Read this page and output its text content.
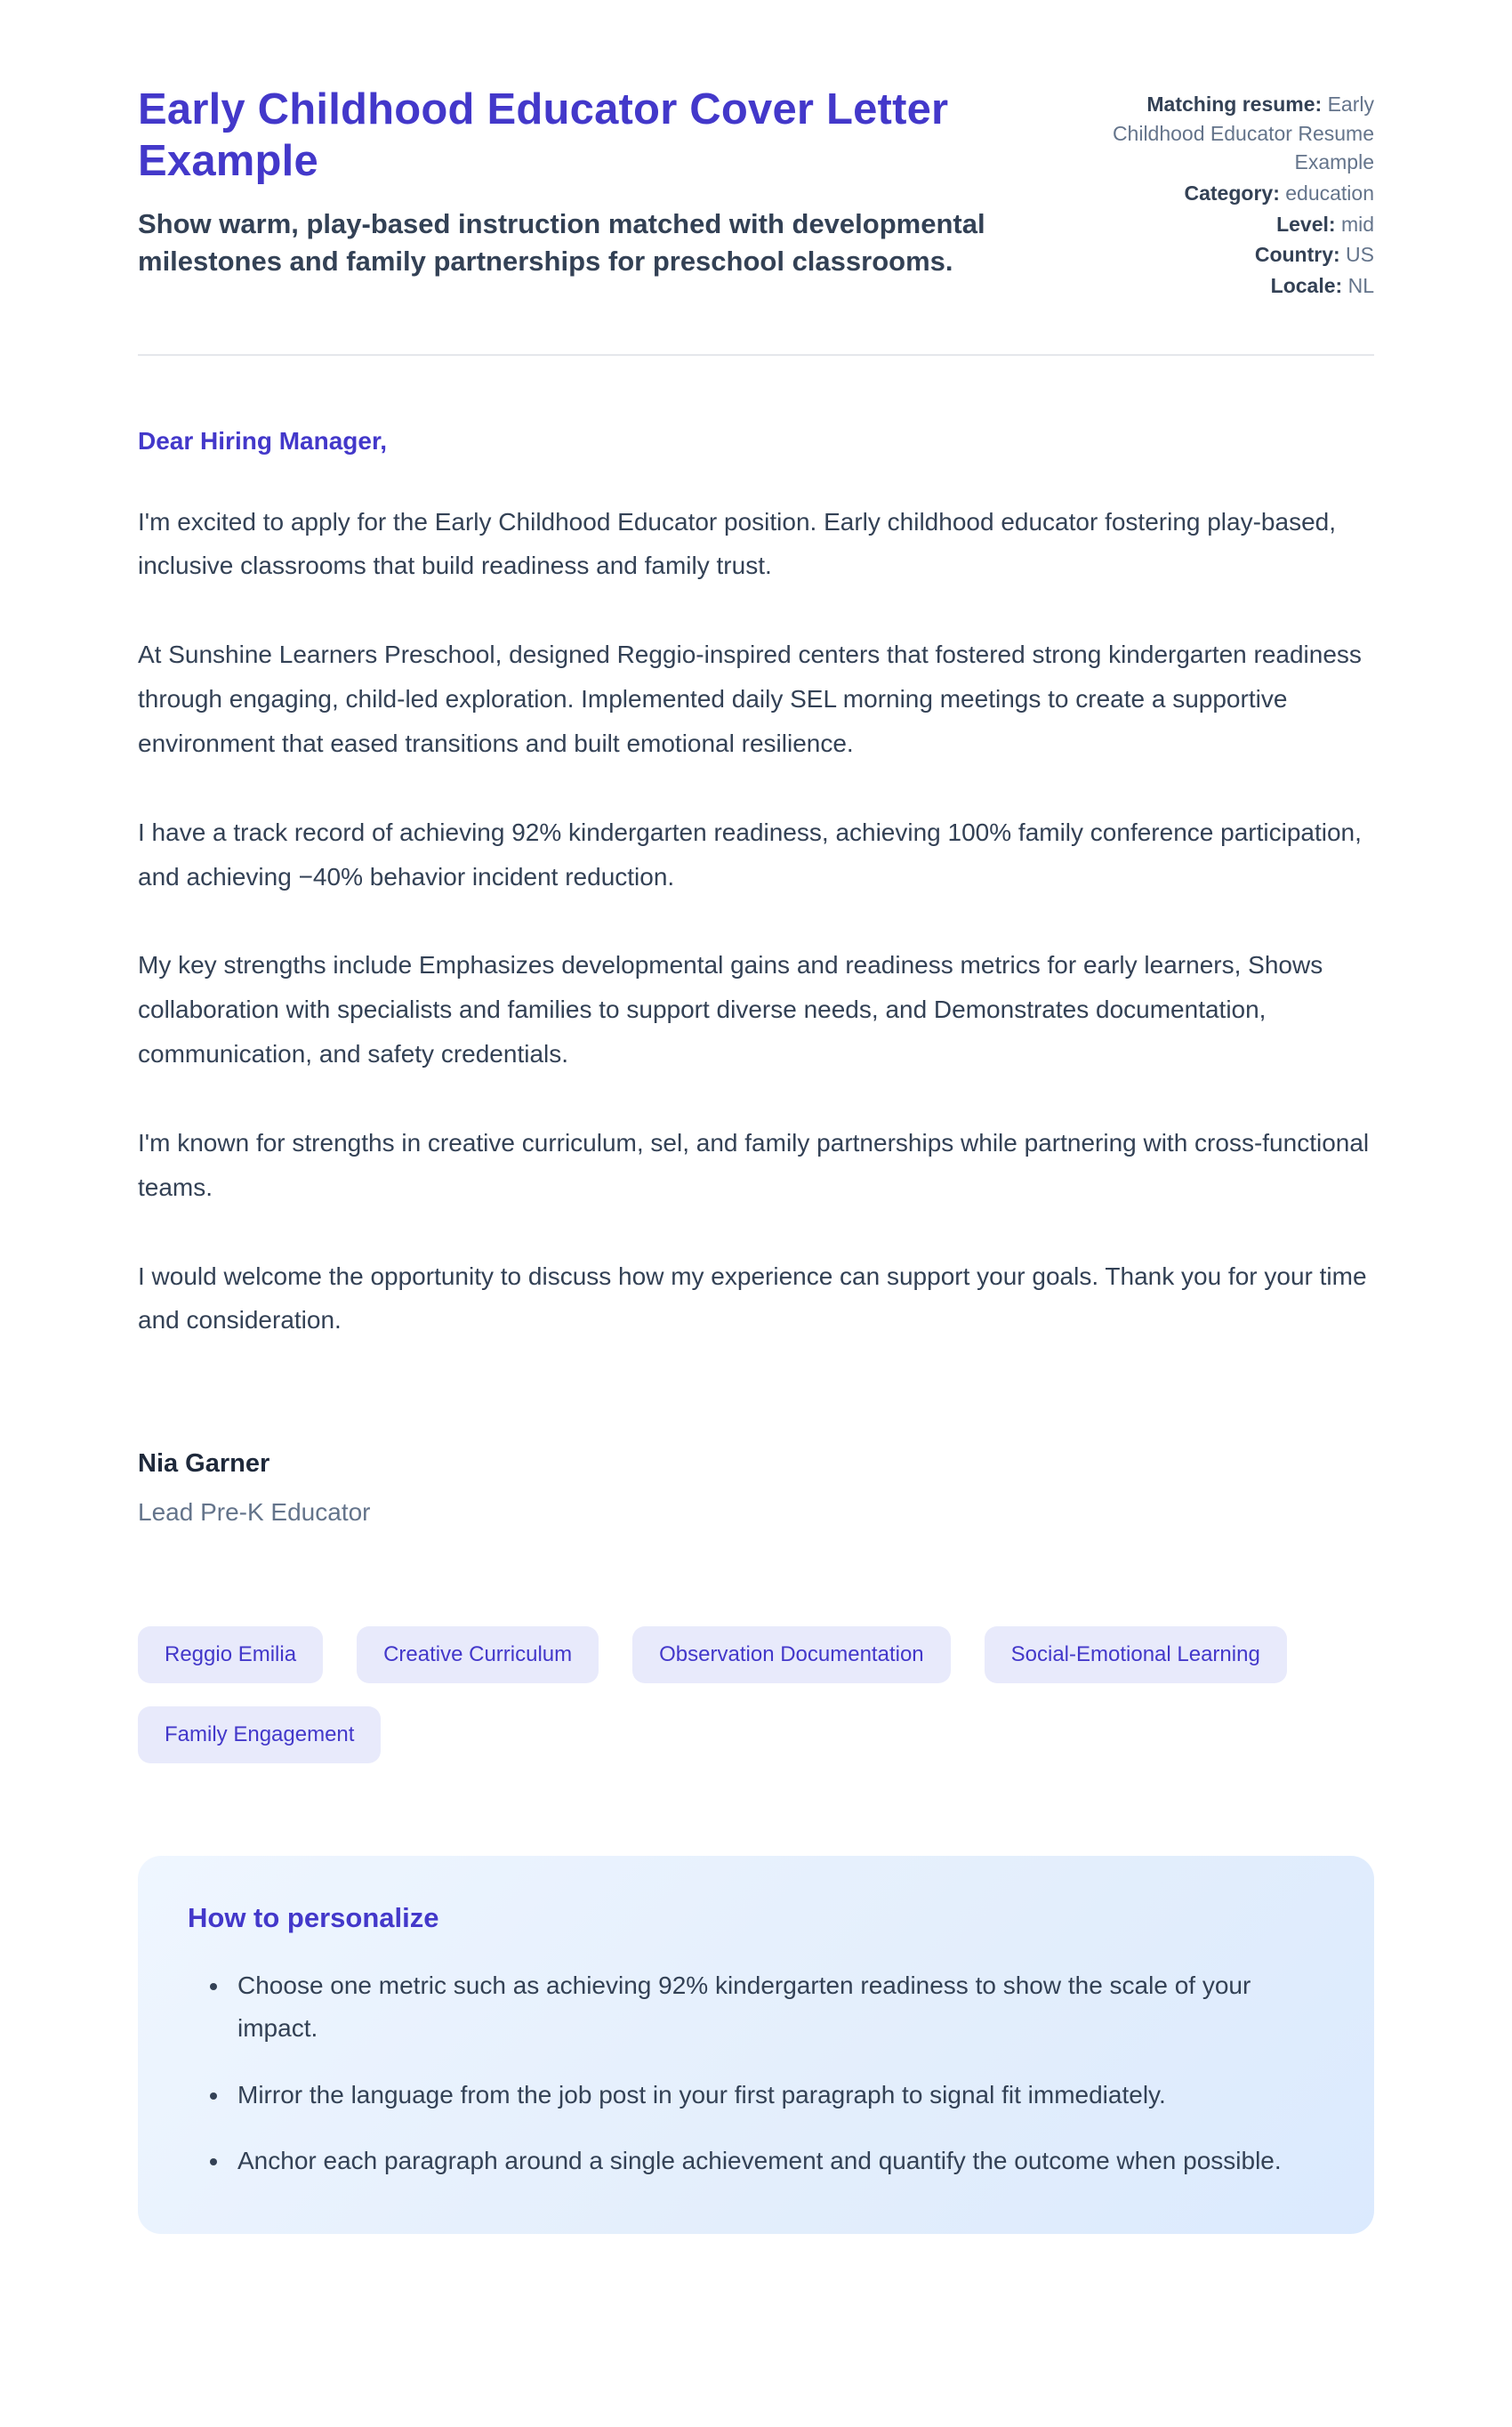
Early Childhood Educator Cover Letter Example

Show warm, play-based instruction matched with developmental milestones and family partnerships for preschool classrooms.

Matching resume: Early Childhood Educator Resume Example
Category: education
Level: mid
Country: US
Locale: NL

Dear Hiring Manager,

I'm excited to apply for the Early Childhood Educator position. Early childhood educator fostering play-based, inclusive classrooms that build readiness and family trust.

At Sunshine Learners Preschool, designed Reggio-inspired centers that fostered strong kindergarten readiness through engaging, child-led exploration. Implemented daily SEL morning meetings to create a supportive environment that eased transitions and built emotional resilience.

I have a track record of achieving 92% kindergarten readiness, achieving 100% family conference participation, and achieving −40% behavior incident reduction.

My key strengths include Emphasizes developmental gains and readiness metrics for early learners, Shows collaboration with specialists and families to support diverse needs, and Demonstrates documentation, communication, and safety credentials.

I'm known for strengths in creative curriculum, sel, and family partnerships while partnering with cross-functional teams.

I would welcome the opportunity to discuss how my experience can support your goals. Thank you for your time and consideration.

Nia Garner

Lead Pre-K Educator

Reggio Emilia	Creative Curriculum	Observation Documentation	Social-Emotional Learning
Family Engagement
How to personalize
• Choose one metric such as achieving 92% kindergarten readiness to show the scale of your impact.
• Mirror the language from the job post in your first paragraph to signal fit immediately.
• Anchor each paragraph around a single achievement and quantify the outcome when possible.
